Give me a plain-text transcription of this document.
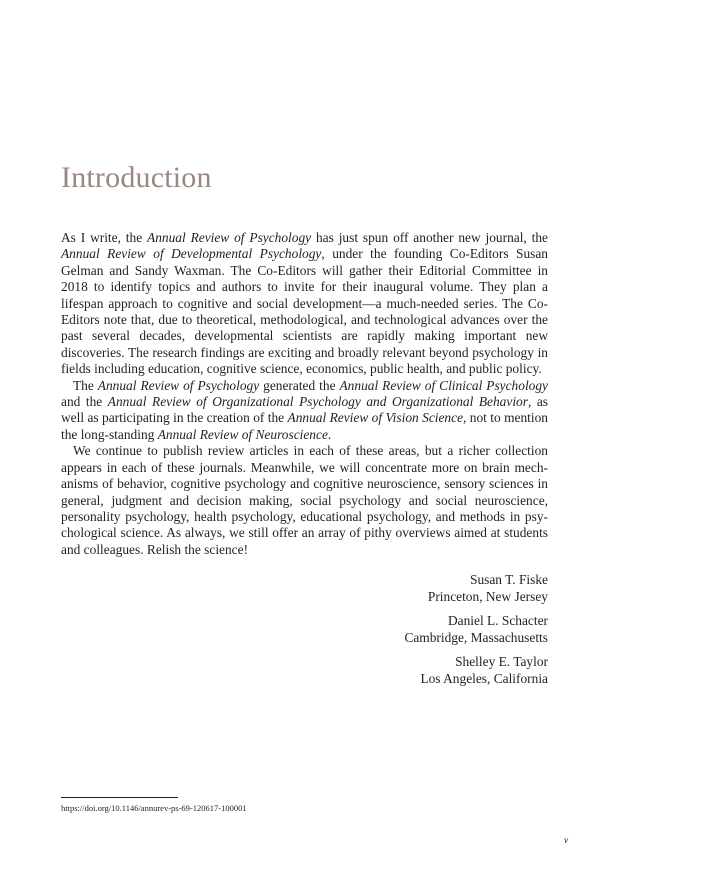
Introduction

As I write, the Annual Review of Psychology has just spun off another new journal, the Annual Review of Developmental Psychology, under the founding Co-Editors Susan Gelman and Sandy Waxman. The Co-Editors will gather their Editorial Committee in 2018 to identify topics and authors to invite for their inaugural volume. They plan a lifespan approach to cognitive and social development—a much-needed series. The Co-Editors note that, due to theoretical, methodological, and technological advances over the past several decades, developmental scientists are rapidly making important new discoveries. The research findings are exciting and broadly relevant beyond psychology in fields including education, cognitive science, economics, public health, and public policy.

The Annual Review of Psychology generated the Annual Review of Clinical Psychology and the Annual Review of Organizational Psychology and Organizational Behavior, as well as participating in the creation of the Annual Review of Vision Science, not to mention the long-standing Annual Review of Neuroscience.

We continue to publish review articles in each of these areas, but a richer collection appears in each of these journals. Meanwhile, we will concentrate more on brain mechanisms of behavior, cognitive psychology and cognitive neuroscience, sensory sciences in general, judgment and decision making, social psychology and social neuroscience, personality psychology, health psychology, educational psychology, and methods in psychological science. As always, we still offer an array of pithy overviews aimed at students and colleagues. Relish the science!

Susan T. Fiske
Princeton, New Jersey
Daniel L. Schacter
Cambridge, Massachusetts
Shelley E. Taylor
Los Angeles, California
https://doi.org/10.1146/annurev-ps-69-120617-100001
v
